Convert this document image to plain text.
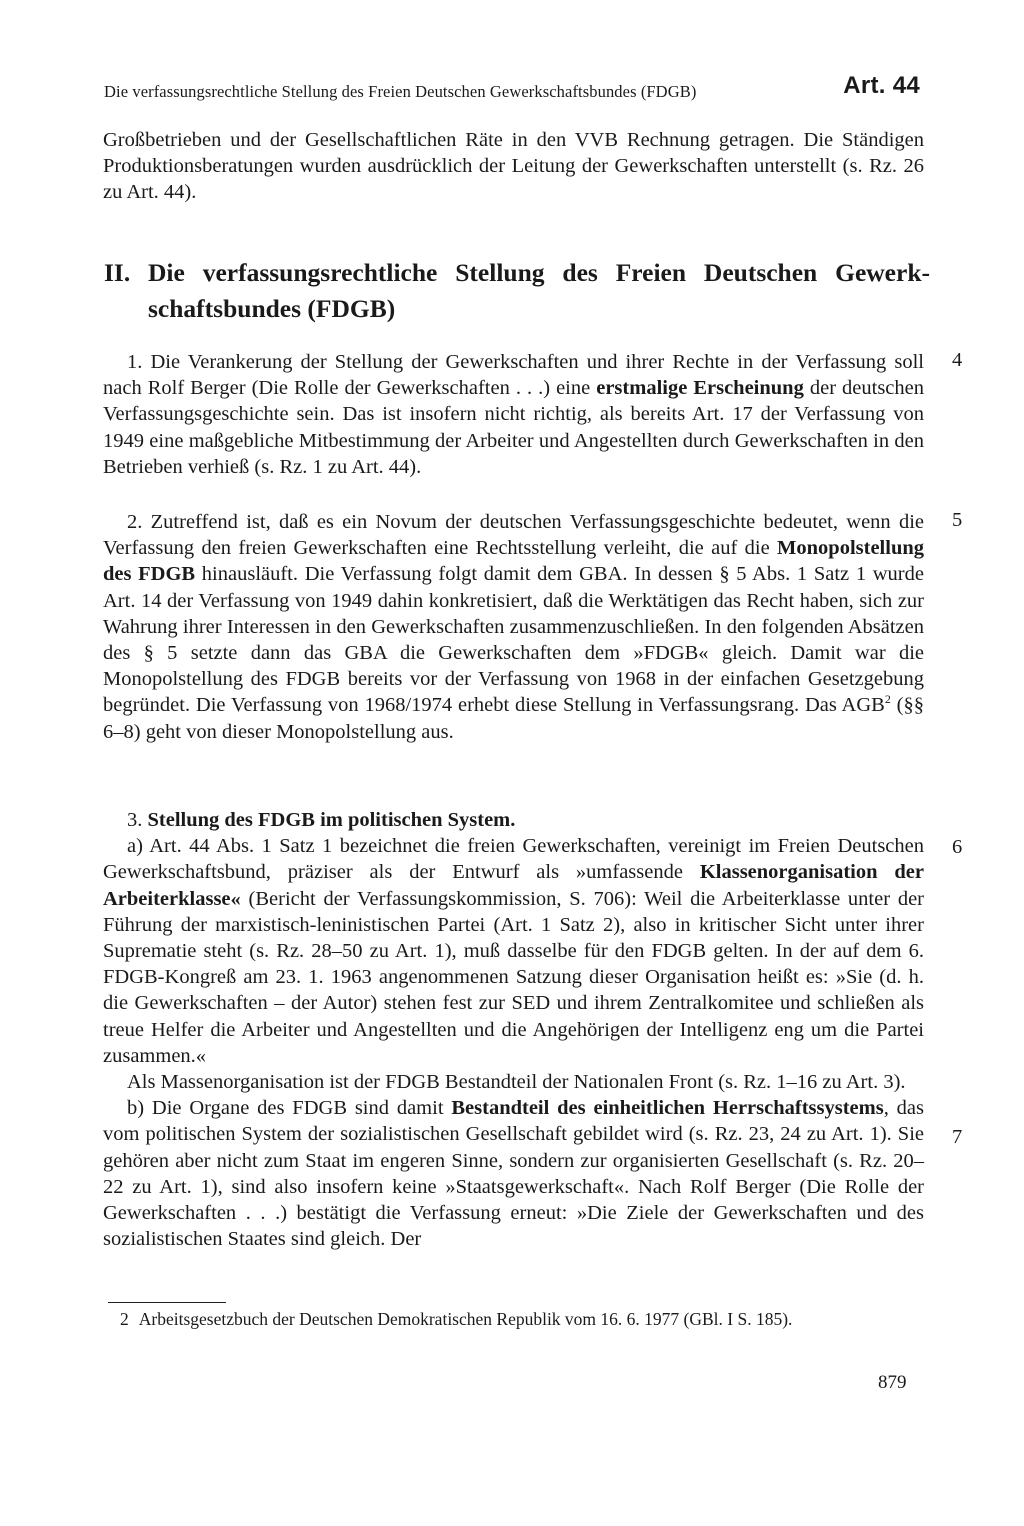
Die verfassungsrechtliche Stellung des Freien Deutschen Gewerkschaftsbundes (FDGB)	Art. 44
Großbetrieben und der Gesellschaftlichen Räte in den VVB Rechnung getragen. Die Ständigen Produktionsberatungen wurden ausdrücklich der Leitung der Gewerkschaften unterstellt (s. Rz. 26 zu Art. 44).
II. Die verfassungsrechtliche Stellung des Freien Deutschen Gewerk-
schaftsbundes (FDGB)
4
1. Die Verankerung der Stellung der Gewerkschaften und ihrer Rechte in der Verfassung soll nach Rolf Berger (Die Rolle der Gewerkschaften . . .) eine erstmalige Erscheinung der deutschen Verfassungsgeschichte sein. Das ist insofern nicht richtig, als bereits Art. 17 der Verfassung von 1949 eine maßgebliche Mitbestimmung der Arbeiter und Angestellten durch Gewerkschaften in den Betrieben verhieß (s. Rz. 1 zu Art. 44).
5
2. Zutreffend ist, daß es ein Novum der deutschen Verfassungsgeschichte bedeutet, wenn die Verfassung den freien Gewerkschaften eine Rechtsstellung verleiht, die auf die Monopolstellung des FDGB hinausläuft. Die Verfassung folgt damit dem GBA. In dessen § 5 Abs. 1 Satz 1 wurde Art. 14 der Verfassung von 1949 dahin konkretisiert, daß die Werktätigen das Recht haben, sich zur Wahrung ihrer Interessen in den Gewerkschaften zusammenzuschließen. In den folgenden Absätzen des § 5 setzte dann das GBA die Gewerkschaften dem »FDGB« gleich. Damit war die Monopolstellung des FDGB bereits vor der Verfassung von 1968 in der einfachen Gesetzgebung begründet. Die Verfassung von 1968/1974 erhebt diese Stellung in Verfassungsrang. Das AGB$^2$ (§§ 6–8) geht von dieser Monopolstellung aus.
6
7
3. Stellung des FDGB im politischen System.
a) Art. 44 Abs. 1 Satz 1 bezeichnet die freien Gewerkschaften, vereinigt im Freien Deutschen Gewerkschaftsbund, präziser als der Entwurf als »umfassende Klassenorganisation der Arbeiterklasse« (Bericht der Verfassungskommission, S. 706): Weil die Arbeiterklasse unter der Führung der marxistisch-leninistischen Partei (Art. 1 Satz 2), also in kritischer Sicht unter ihrer Suprematie steht (s. Rz. 28–50 zu Art. 1), muß dasselbe für den FDGB gelten. In der auf dem 6. FDGB-Kongreß am 23. 1. 1963 angenommenen Satzung dieser Organisation heißt es: »Sie (d. h. die Gewerkschaften – der Autor) stehen fest zur SED und ihrem Zentralkomitee und schließen als treue Helfer die Arbeiter und Angestellten und die Angehörigen der Intelligenz eng um die Partei zusammen.«
Als Massenorganisation ist der FDGB Bestandteil der Nationalen Front (s. Rz. 1–16 zu Art. 3).
b) Die Organe des FDGB sind damit Bestandteil des einheitlichen Herrschaftssystems, das vom politischen System der sozialistischen Gesellschaft gebildet wird (s. Rz. 23, 24 zu Art. 1). Sie gehören aber nicht zum Staat im engeren Sinne, sondern zur organisierten Gesellschaft (s. Rz. 20–22 zu Art. 1), sind also insofern keine »Staatsgewerkschaft«. Nach Rolf Berger (Die Rolle der Gewerkschaften . . .) bestätigt die Verfassung erneut: »Die Ziele der Gewerkschaften und des sozialistischen Staates sind gleich. Der
2 Arbeitsgesetzbuch der Deutschen Demokratischen Republik vom 16. 6. 1977 (GBl. I S. 185).
879
